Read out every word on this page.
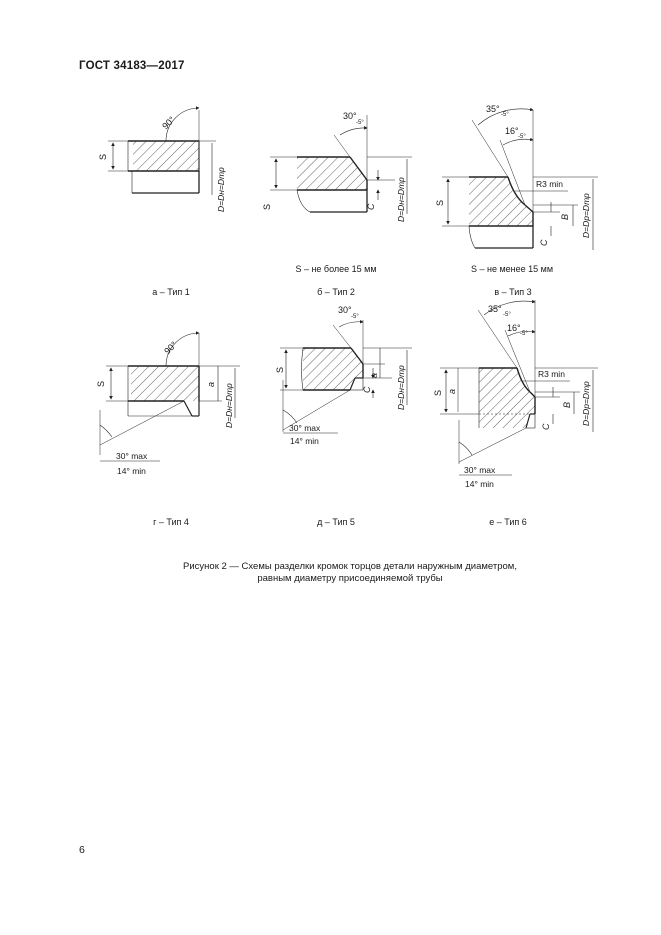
ГОСТ 34183—2017
90°
S
D=Dн=Dтр
30°
-5°
S	C D=Dн=Dтр
35°
-5°
16°
-5°
R3 min
S
B
C
D=Dр=Dтр
90°
S	a D=Dн=Dтр
30° max
14° min
30°
-5°
S
a
C	D=Dн=Dтр
30° max
14° min
35°
-5°
16°
-5°
R3 min
S a
B
C
D=Dр=Dтр
30° max
14° min
S – не более 15 мм	S – не менее 15 мм
а – Тип 1	б – Тип 2	в – Тип 3
г – Тип 4	д – Тип 5	е – Тип 6
Рисунок 2 — Схемы разделки кромок торцов детали наружным диаметром,
равным диаметру присоединяемой трубы
6
